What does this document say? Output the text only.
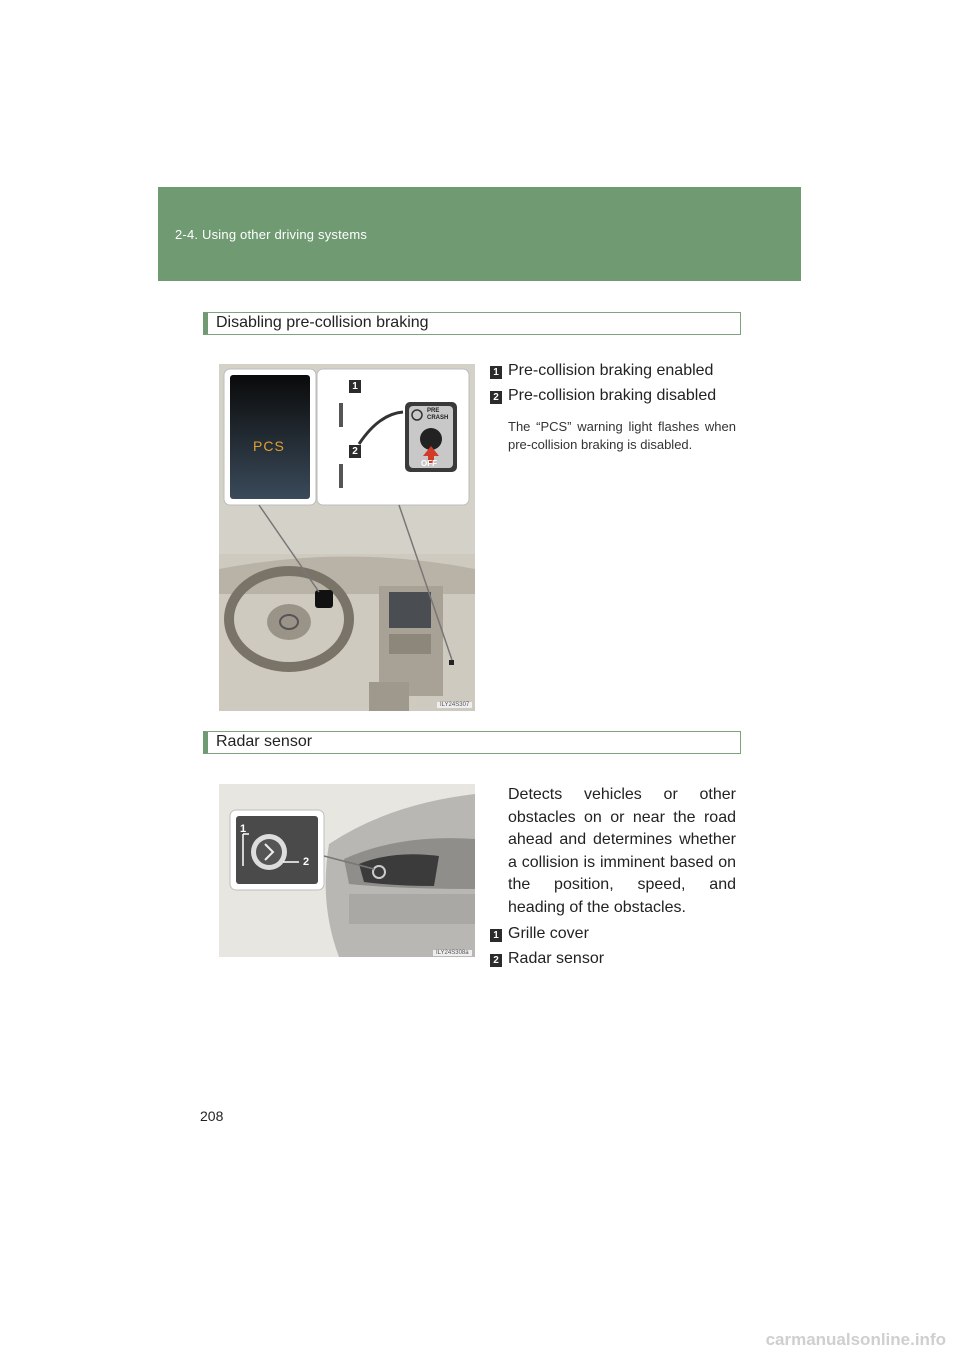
2-4. Using other driving systems
Disabling pre-collision braking
PCS
1
2
PRE CRASH
OFF
ILY24S307
1 Pre-collision braking enabled
2 Pre-collision braking disabled
The “PCS” warning light flashes when pre-collision braking is disabled.
Radar sensor
1
2
ILY24S308a
Detects vehicles or other obstacles on or near the road ahead and determines whether a collision is imminent based on the position, speed, and heading of the obstacles.
1 Grille cover
2 Radar sensor
208
carmanualsonline.info
